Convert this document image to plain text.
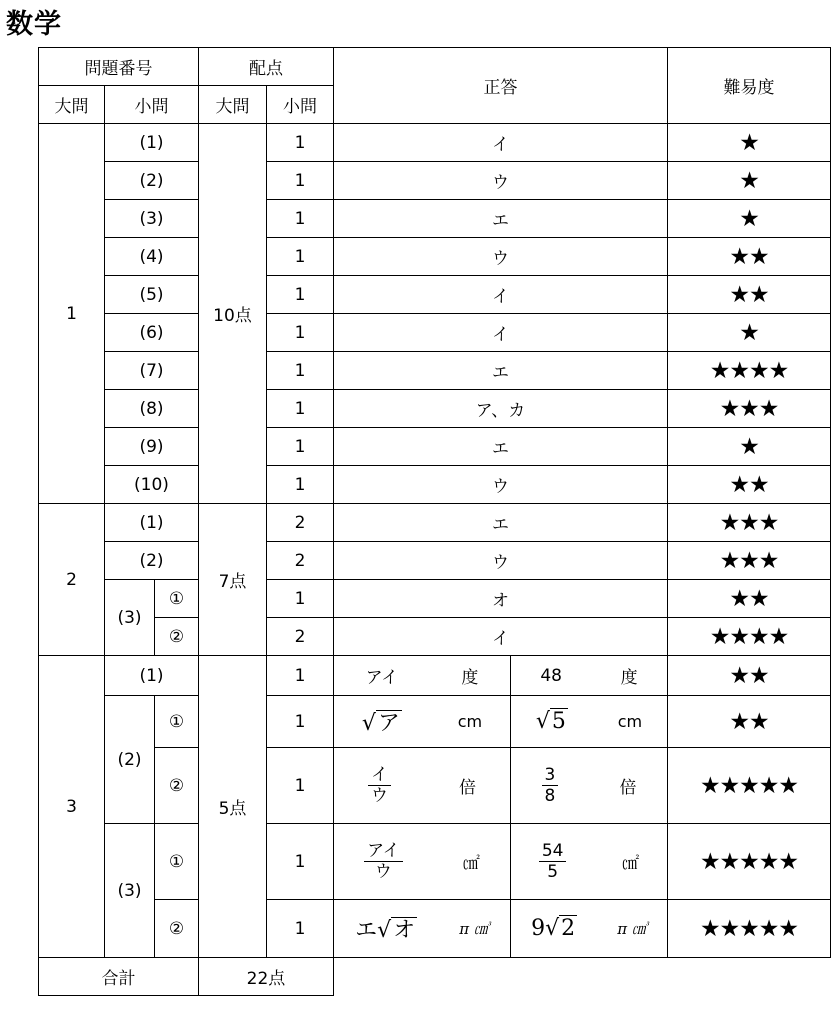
数学
問題番号			配点		正答		難易度
大問	小問		大問	小問			
1	(1)		10点	1	イ		★
	(2)			1	ウ		★
	(3)			1	エ		★
	(4)			1	ウ		★★
	(5)			1	イ		★★
	(6)			1	イ		★
	(7)			1	エ		★★★★
	(8)			1	ア、カ		★★★
	(9)			1	エ		★
	(10)			1	ウ		★★
2	(1)		7点	2	エ		★★★
	(2)			2	ウ		★★★
	(3)	①		1	オ		★★
		②		2	イ		★★★★
3	(1)		5点	1	アイ 度	48 度	★★
	(2)	①		1	√ア cm	√5 cm	★★
		②		1	$\frac{\text{イ}}{\text{ウ}}$ 倍	$\frac{3}{8}$ 倍	★★★★★
	(3)	①		1	$\frac{\text{アイ}}{\text{ウ}}$ ㎠	$\frac{54}{5}$ ㎠	★★★★★
		②		1	エ√オ π ㎤	9√2 π ㎤	★★★★★
合計			22点				
